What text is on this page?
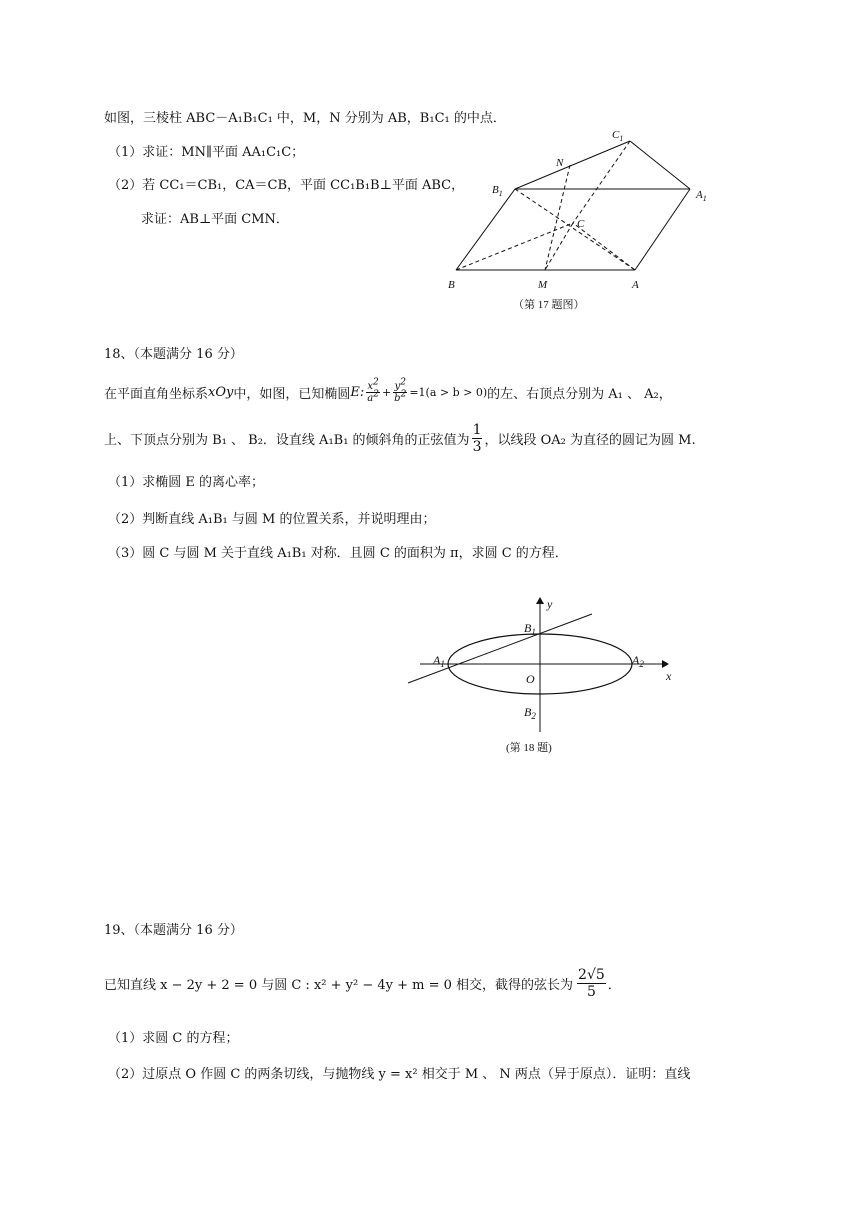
如图，三棱柱 ABC－A₁B₁C₁ 中，M，N 分别为 AB，B₁C₁ 的中点．
（1）求证：MN∥平面 AA₁C₁C；
（2）若 CC₁＝CB₁，CA＝CB，平面 CC₁B₁B⊥平面 ABC，
求证：AB⊥平面 CMN．
$C_1$
N
$B_1$	$A_1$
C
B	M	A
（第 17 题图）
18、（本题满分 16 分）
在平面直角坐标系 xOy 中，如图，已知椭圆 E: $\frac{x^2}{a^2} + \frac{y^2}{b^2} =1(a > b > 0)$ 的左、右顶点分别为 A₁ 、 A₂，
上、下顶点分别为 B₁ 、 B₂．设直线 A₁B₁ 的倾斜角的正弦值为 $\frac{1}{3}$ ，以线段 OA₂ 为直径的圆记为圆 M.
（1）求椭圆 E 的离心率；
（2）判断直线 A₁B₁ 与圆 M 的位置关系，并说明理由；
（3）圆 C 与圆 M 关于直线 A₁B₁ 对称．且圆 C 的面积为 π，求圆 C 的方程．
y
x
O
$B_1$
$B_2$
$A_1$	$A_2$
(第 18 题)
19、（本题满分 16 分）
已知直线 x − 2y + 2 = 0 与圆 C : x² + y² − 4y + m = 0 相交，截得的弦长为 $\frac{2√5}{5}$ ．
（1）求圆 C 的方程；
（2）过原点 O 作圆 C 的两条切线，与抛物线 y = x² 相交于 M 、 N 两点（异于原点）．证明：直线
